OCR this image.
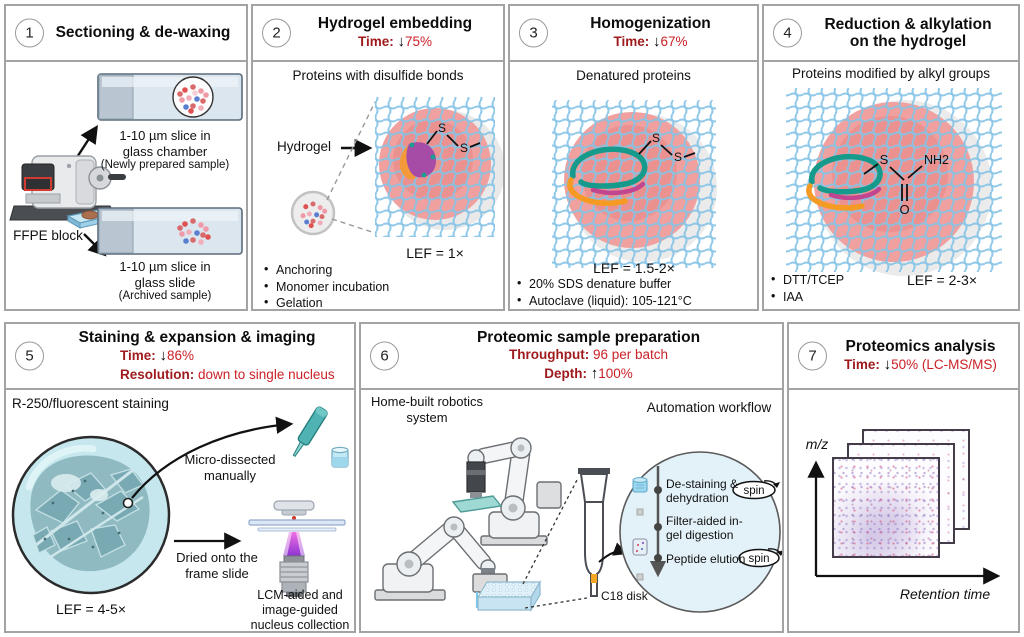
1	Sectioning & de-waxing
1-10 µm slice in glass chamber
(Newly prepared sample)
FFPE block
1-10 µm slice in glass slide
(Archived sample)
2
Hydrogel embedding
Time: ↓75%
S
S
Proteins with disulfide bonds
Hydrogel
LEF = 1×
• Anchoring
• Monomer incubation
• Gelation
3
Homogenization
Time: ↓67%
S
S
Denatured proteins
LEF = 1.5-2×
• 20% SDS denature buffer
• Autoclave (liquid): 105-121°C
4
Reduction & alkylation on the hydrogel
S
O
NH2
Proteins modified by alkyl groups
• DTT/TCEP
• IAA
LEF = 2-3×
5
Staining & expansion & imaging
Time: ↓86%
Resolution: down to single nucleus
R-250/fluorescent staining
Micro-dissected manually
Dried onto the frame slide
LCM-aided and image-guided nucleus collection
LEF = 4-5×
6
Proteomic sample preparation
Throughput: 96 per batch
Depth: ↑100%
spin
spin
Home-built robotics system
Automation workflow
C18 disk
De-staining & dehydration
Filter-aided in-gel digestion
Peptide elution
7
Proteomics analysis
Time: ↓50% (LC-MS/MS)
m/z
Retention time
